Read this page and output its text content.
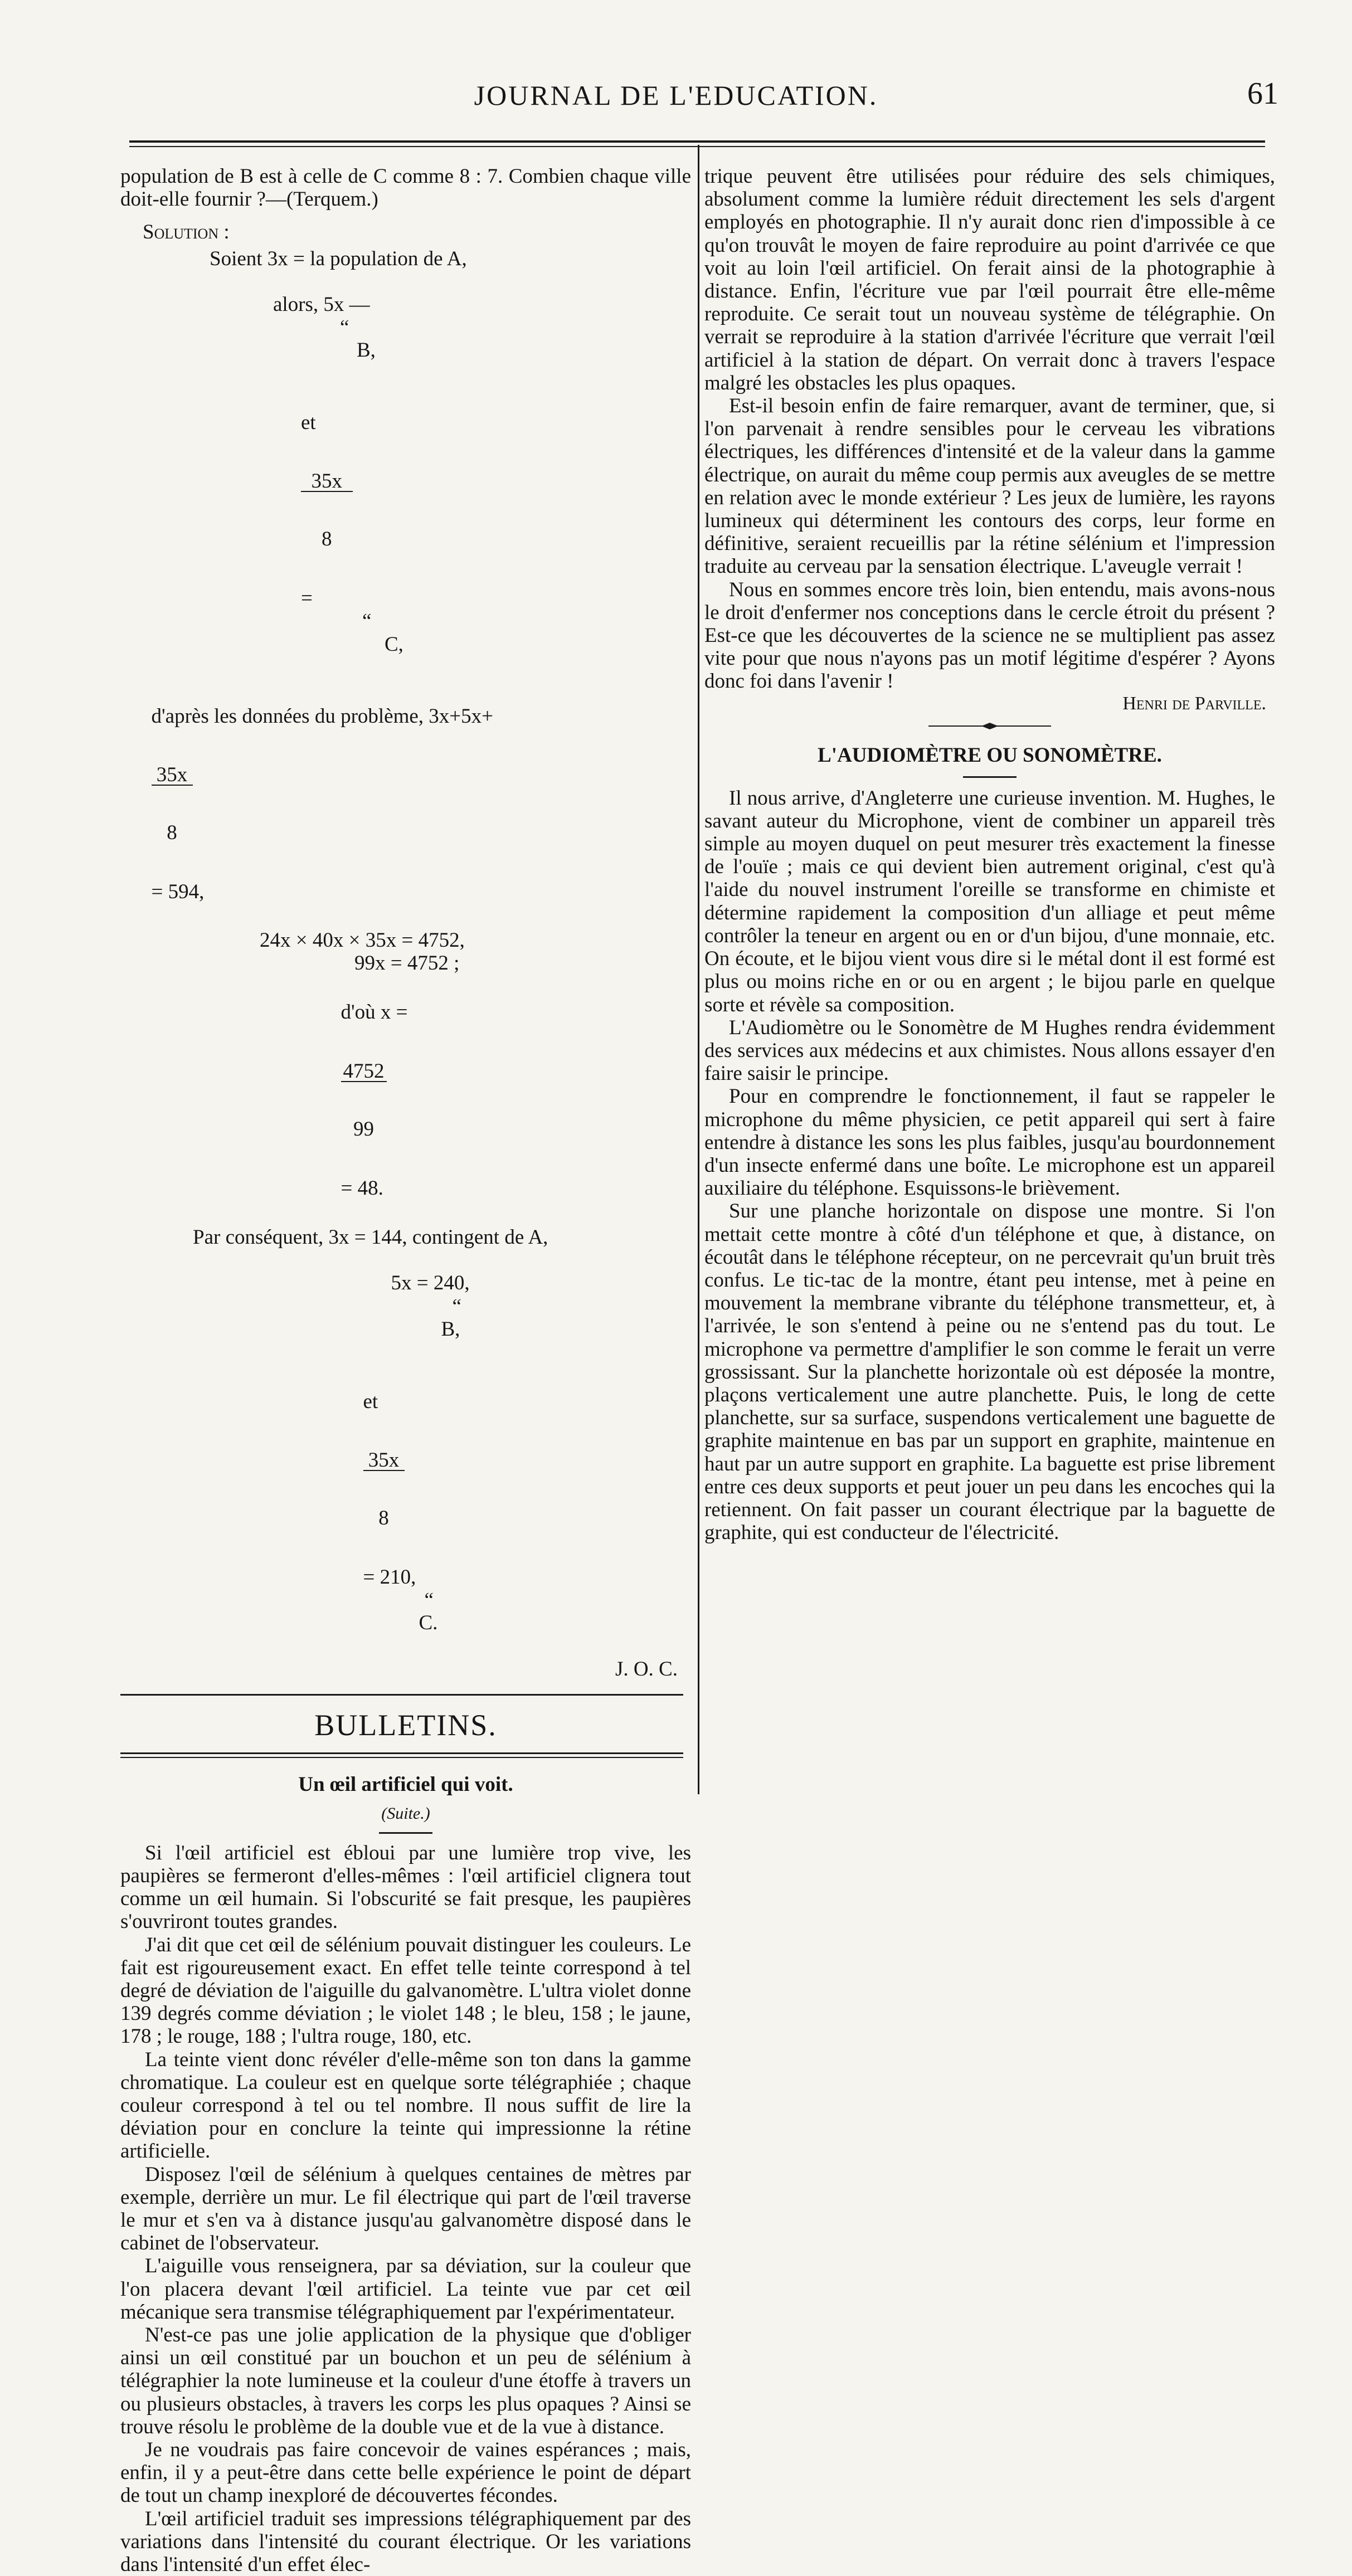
JOURNAL DE L'EDUCATION.	61

population de B est à celle de C comme 8 : 7. Combien chaque ville doit-elle fournir ?—(Terquem.)

Solution :
Soient 3x = la population de A,

alors, 5x —
“
B,

et

$\frac{35x}{8}$

=
“
C,

d'après les données du problème, 3x+5x+

$\frac{35x}{8}$

= 594,

24x × 40x × 35x = 4752,
99x = 4752 ;

d'où x =

$\frac{4752}{99}$

= 48.

Par conséquent, 3x = 144, contingent de A,

5x = 240,
“
B,

et

$\frac{35x}{8}$

= 210,
“
C.

J. O. C.
BULLETINS.
Un œil artificiel qui voit.
(Suite.)

Si l'œil artificiel est ébloui par une lumière trop vive, les paupières se fermeront d'elles-mêmes : l'œil artificiel clignera tout comme un œil humain. Si l'obscurité se fait presque, les paupières s'ouvriront toutes grandes.

J'ai dit que cet œil de sélénium pouvait distinguer les couleurs. Le fait est rigoureusement exact. En effet telle teinte correspond à tel degré de déviation de l'aiguille du galvanomètre. L'ultra violet donne 139 degrés comme déviation ; le violet 148 ; le bleu, 158 ; le jaune, 178 ; le rouge, 188 ; l'ultra rouge, 180, etc.

La teinte vient donc révéler d'elle-même son ton dans la gamme chromatique. La couleur est en quelque sorte télégraphiée ; chaque couleur correspond à tel ou tel nombre. Il nous suffit de lire la déviation pour en conclure la teinte qui impressionne la rétine artificielle.

Disposez l'œil de sélénium à quelques centaines de mètres par exemple, derrière un mur. Le fil électrique qui part de l'œil traverse le mur et s'en va à distance jusqu'au galvanomètre disposé dans le cabinet de l'observateur.

L'aiguille vous renseignera, par sa déviation, sur la couleur que l'on placera devant l'œil artificiel. La teinte vue par cet œil mécanique sera transmise télégraphiquement par l'expérimentateur.

N'est-ce pas une jolie application de la physique que d'obliger ainsi un œil constitué par un bouchon et un peu de sélénium à télégraphier la note lumineuse et la couleur d'une étoffe à travers un ou plusieurs obstacles, à travers les corps les plus opaques ? Ainsi se trouve résolu le problème de la double vue et de la vue à distance.

Je ne voudrais pas faire concevoir de vaines espérances ; mais, enfin, il y a peut-être dans cette belle expérience le point de départ de tout un champ inexploré de découvertes fécondes.

L'œil artificiel traduit ses impressions télégraphiquement par des variations dans l'intensité du courant électrique. Or les variations dans l'intensité d'un effet élec-

trique peuvent être utilisées pour réduire des sels chimiques, absolument comme la lumière réduit directement les sels d'argent employés en photographie. Il n'y aurait donc rien d'impossible à ce qu'on trouvât le moyen de faire reproduire au point d'arrivée ce que voit au loin l'œil artificiel. On ferait ainsi de la photographie à distance. Enfin, l'écriture vue par l'œil pourrait être elle-même reproduite. Ce serait tout un nouveau système de télégraphie. On verrait se reproduire à la station d'arrivée l'écriture que verrait l'œil artificiel à la station de départ. On verrait donc à travers l'espace malgré les obstacles les plus opaques.

Est-il besoin enfin de faire remarquer, avant de terminer, que, si l'on parvenait à rendre sensibles pour le cerveau les vibrations électriques, les différences d'intensité et de la valeur dans la gamme électrique, on aurait du même coup permis aux aveugles de se mettre en relation avec le monde extérieur ? Les jeux de lumière, les rayons lumineux qui déterminent les contours des corps, leur forme en définitive, seraient recueillis par la rétine sélénium et l'impression traduite au cerveau par la sensation électrique. L'aveugle verrait !

Nous en sommes encore très loin, bien entendu, mais avons-nous le droit d'enfermer nos conceptions dans le cercle étroit du présent ? Est-ce que les découvertes de la science ne se multiplient pas assez vite pour que nous n'ayons pas un motif légitime d'espérer ? Ayons donc foi dans l'avenir !

Henri de Parville.
L'AUDIOMÈTRE OU SONOMÈTRE.

Il nous arrive, d'Angleterre une curieuse invention. M. Hughes, le savant auteur du Microphone, vient de combiner un appareil très simple au moyen duquel on peut mesurer très exactement la finesse de l'ouïe ; mais ce qui devient bien autrement original, c'est qu'à l'aide du nouvel instrument l'oreille se transforme en chimiste et détermine rapidement la composition d'un alliage et peut même contrôler la teneur en argent ou en or d'un bijou, d'une monnaie, etc. On écoute, et le bijou vient vous dire si le métal dont il est formé est plus ou moins riche en or ou en argent ; le bijou parle en quelque sorte et révèle sa composition.

L'Audiomètre ou le Sonomètre de M Hughes rendra évidemment des services aux médecins et aux chimistes. Nous allons essayer d'en faire saisir le principe.

Pour en comprendre le fonctionnement, il faut se rappeler le microphone du même physicien, ce petit appareil qui sert à faire entendre à distance les sons les plus faibles, jusqu'au bourdonnement d'un insecte enfermé dans une boîte. Le microphone est un appareil auxiliaire du téléphone. Esquissons-le brièvement.

Sur une planche horizontale on dispose une montre. Si l'on mettait cette montre à côté d'un téléphone et que, à distance, on écoutât dans le téléphone récepteur, on ne percevrait qu'un bruit très confus. Le tic-tac de la montre, étant peu intense, met à peine en mouvement la membrane vibrante du téléphone transmetteur, et, à l'arrivée, le son s'entend à peine ou ne s'entend pas du tout. Le microphone va permettre d'amplifier le son comme le ferait un verre grossissant. Sur la planchette horizontale où est déposée la montre, plaçons verticalement une autre planchette. Puis, le long de cette planchette, sur sa surface, suspendons verticalement une baguette de graphite maintenue en bas par un support en graphite, maintenue en haut par un autre support en graphite. La baguette est prise librement entre ces deux supports et peut jouer un peu dans les encoches qui la retiennent. On fait passer un courant électrique par la baguette de graphite, qui est conducteur de l'électricité.
